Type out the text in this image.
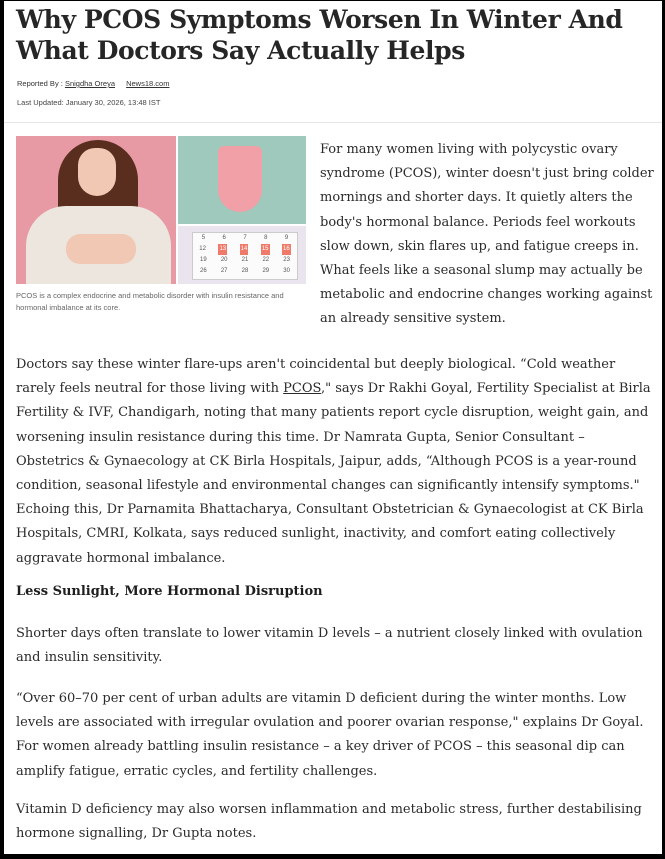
Why PCOS Symptoms Worsen In Winter And What Doctors Say Actually Helps
Reported By : Snigdha Oreya News18.com
Last Updated: January 30, 2026, 13:48 IST
5	6	7	8	9
12 13 14 15 16
19 20 21 22 23
26 27 28 29 30
PCOS is a complex endocrine and metabolic disorder with insulin resistance and hormonal imbalance at its core.

For many women living with polycystic ovary syndrome (PCOS), winter doesn't just bring colder mornings and shorter days. It quietly alters the body's hormonal balance. Periods feel workouts slow down, skin flares up, and fatigue creeps in. What feels like a seasonal slump may actually be metabolic and endocrine changes working against an already sensitive system.

Doctors say these winter flare-ups aren't coincidental but deeply biological. “Cold weather rarely feels neutral for those living with PCOS," says Dr Rakhi Goyal, Fertility Specialist at Birla Fertility & IVF, Chandigarh, noting that many patients report cycle disruption, weight gain, and worsening insulin resistance during this time. Dr Namrata Gupta, Senior Consultant – Obstetrics & Gynaecology at CK Birla Hospitals, Jaipur, adds, “Although PCOS is a year-round condition, seasonal lifestyle and environmental changes can significantly intensify symptoms." Echoing this, Dr Parnamita Bhattacharya, Consultant Obstetrician & Gynaecologist at CK Birla Hospitals, CMRI, Kolkata, says reduced sunlight, inactivity, and comfort eating collectively aggravate hormonal imbalance.

Less Sunlight, More Hormonal Disruption

Shorter days often translate to lower vitamin D levels – a nutrient closely linked with ovulation and insulin sensitivity.

“Over 60–70 per cent of urban adults are vitamin D deficient during the winter months. Low levels are associated with irregular ovulation and poorer ovarian response," explains Dr Goyal. For women already battling insulin resistance – a key driver of PCOS – this seasonal dip can amplify fatigue, erratic cycles, and fertility challenges.

Vitamin D deficiency may also worsen inflammation and metabolic stress, further destabilising hormone signalling, Dr Gupta notes.
